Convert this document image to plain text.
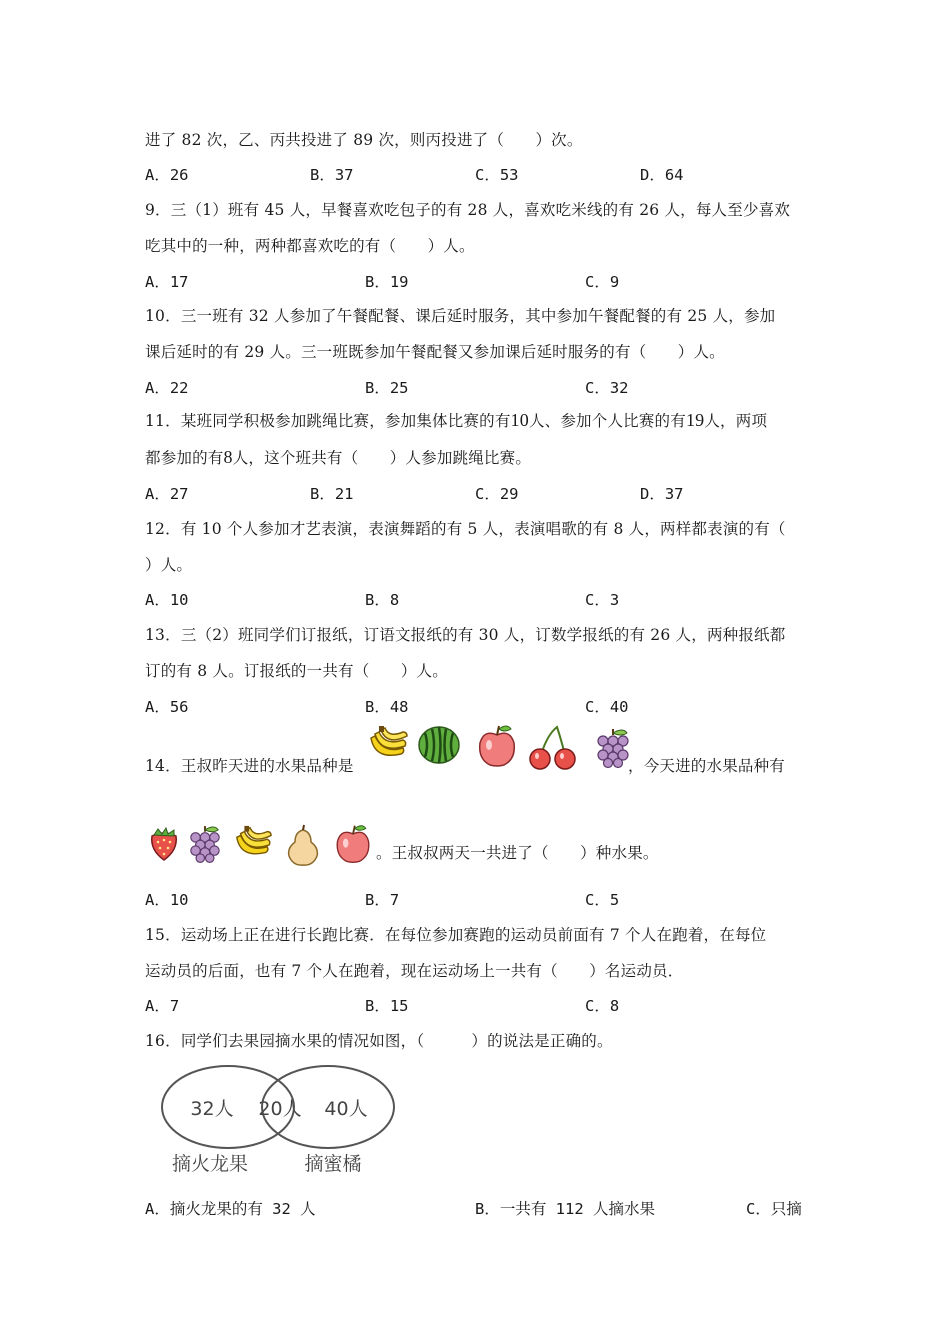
进了 82 次，乙、丙共投进了 89 次，则丙投进了（　　）次。
A．26	B．37	C．53	D．64
9．三（1）班有 45 人，早餐喜欢吃包子的有 28 人，喜欢吃米线的有 26 人，每人至少喜欢
吃其中的一种，两种都喜欢吃的有（　　）人。
A．17	B．19	C．9
10．三一班有 32 人参加了午餐配餐、课后延时服务，其中参加午餐配餐的有 25 人，参加
课后延时的有 29 人。三一班既参加午餐配餐又参加课后延时服务的有（　　）人。
A．22	B．25	C．32
11．某班同学积极参加跳绳比赛，参加集体比赛的有10人、参加个人比赛的有19人，两项
都参加的有8人，这个班共有（　　）人参加跳绳比赛。
A．27	B．21	C．29	D．37
12．有 10 个人参加才艺表演，表演舞蹈的有 5 人，表演唱歌的有 8 人，两样都表演的有（
）人。
A．10	B．8	C．3
13．三（2）班同学们订报纸，订语文报纸的有 30 人，订数学报纸的有 26 人，两种报纸都
订的有 8 人。订报纸的一共有（　　）人。
A．56	B．48	C．40
14．王叔昨天进的水果品种是	，今天进的水果品种有
。王叔叔两天一共进了（　　）种水果。
A．10	B．7	C．5
15．运动场上正在进行长跑比赛．在每位参加赛跑的运动员前面有 7 个人在跑着，在每位
运动员的后面，也有 7 个人在跑着，现在运动场上一共有（　　）名运动员．
A．7	B．15	C．8
16．同学们去果园摘水果的情况如图，（　　　）的说法是正确的。
32人 20人 40人
摘火龙果	摘蜜橘
A．摘火龙果的有 32 人	B．一共有 112 人摘水果	C．只摘
